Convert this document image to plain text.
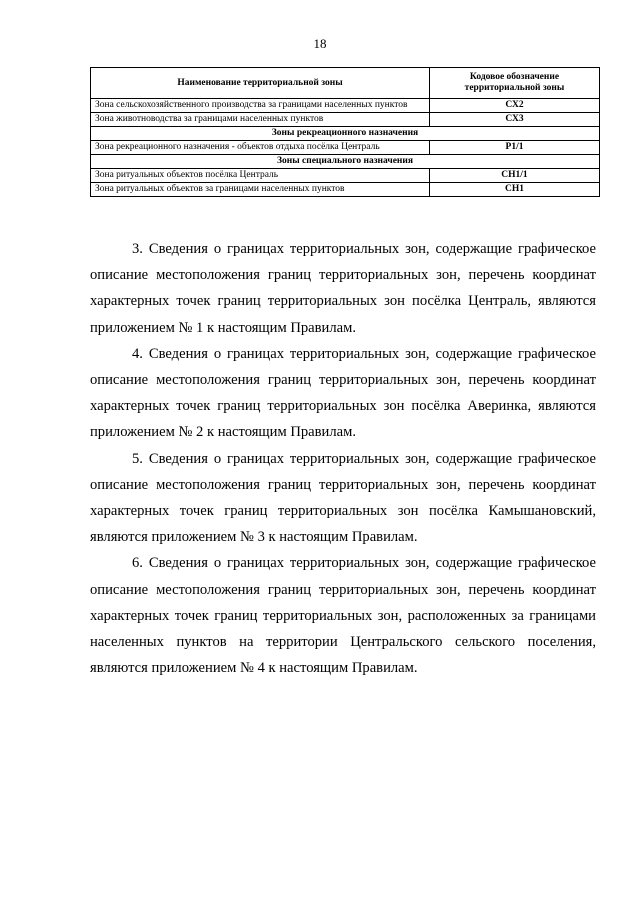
18
Наименование территориальной зоны	Кодовое обозначение территориальной зоны
Зона сельскохозяйственного производства за границами населенных пунктов	СХ2
Зона животноводства за границами населенных пунктов	СХ3
Зоны рекреационного назначения	
Зона рекреационного назначения - объектов отдыха посёлка Централь	Р1/1
Зоны специального назначения	
Зона ритуальных объектов посёлка Централь	СН1/1
Зона ритуальных объектов за границами населенных пунктов	СН1

3. Сведения о границах территориальных зон, содержащие графическое описание местоположения границ территориальных зон, перечень координат характерных точек границ территориальных зон посёлка Централь, являются приложением № 1 к настоящим Правилам.

4. Сведения о границах территориальных зон, содержащие графическое описание местоположения границ территориальных зон, перечень координат характерных точек границ территориальных зон посёлка Аверинка, являются приложением № 2 к настоящим Правилам.

5. Сведения о границах территориальных зон, содержащие графическое описание местоположения границ территориальных зон, перечень координат характерных точек границ территориальных зон посёлка Камышановский, являются приложением № 3 к настоящим Правилам.

6. Сведения о границах территориальных зон, содержащие графическое описание местоположения границ территориальных зон, перечень координат характерных точек границ территориальных зон, расположенных за границами населенных пунктов на территории Центральского сельского поселения, являются приложением № 4 к настоящим Правилам.
